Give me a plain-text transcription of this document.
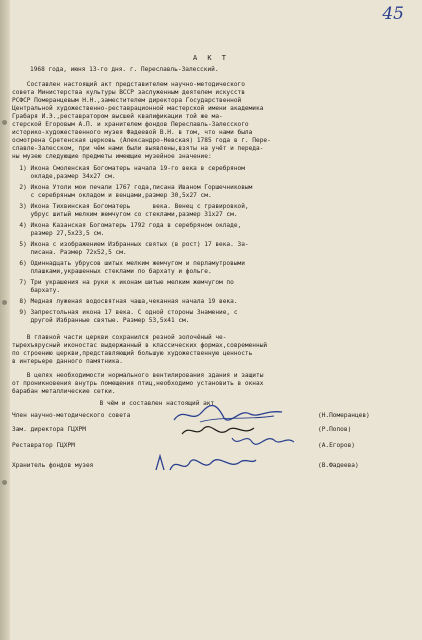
45
А К Т
1968 года, июня 13-го дня. г. Переславль-Залесский.
Составлен настоящий акт представителем научно-методического
совета Министерства культуры ВССР заслуженным деятелем искусств
РСФСР Померанцевым Н.Н.,заместителем директора Государственной
Центральной художественно-реставрационной мастерской имени академика
Грабаря И.Э.,реставратором высшей квалификации той же ма-
стерской Егоровым А.П. и хранителем фондов Переславль-Залесского
историко-художественного музея Фадеевой В.Н. в том, что нами была
осмотрена Сретенская церковь (Александро-Невская) 1785 года в г. Пере-
славле-Залесском, при чём нами были выявлены,взяты на учёт и переда-
ны музею следующие предметы имеющие музейное значение:
1) Икона Смоленская Богоматерь начала 19-го века в серебряном
окладе,размер 34х27 см.
2) Икона Утоли мои печали 1767 года,писана Иваном Горшечниковым
с серебряным окладом и венцами,размер 30,5х27 см.
3) Икона Тихвинская Богоматерь      века. Венец с гравировкой,
убрус шитый мелким жемчугом со стеклами,размер 31х27 см.
4) Икона Казанская Богоматерь 1792 года в серебряном окладе,
размер 27,5х23,5 см.
5) Икона с изображением Избранных святых (в рост) 17 века. За-
писана. Размер 72х52,5 см.
6) Одиннадцать убрусов шитых мелким жемчугом и перламутровыми
плашками,украшенных стеклами по бархату и фольге.
7) Три украшения на руки к иконам шитые мелким жемчугом по
бархату.
8) Медная луженая водосвятная чаша,чеканная начала 19 века.
9) Запрестольная икона 17 века. С одной стороны Знамение, с
другой Избранные святые. Размер 53,5х41 см.
В главной части церкви сохранился резной золочёный че-
тырехъярусный иконостас выдержанный в классических формах,современный
по строению церкви,представляющий большую художественную ценность
в интерьере данного памятника.
В целях необходимости нормального вентилирования здания и защиты
от проникновения внутрь помещения птиц,необходимо установить в окнах
барабан металлические сетки.
В чём и составлен настоящий акт
Член научно-методического совета	(Н.Померанцев)
Зам. директора ГЦХРМ	(Р.Попов)
Реставратор ГЦХРМ	(А.Егоров)
Хранитель фондов музея	(В.Фадеева)
